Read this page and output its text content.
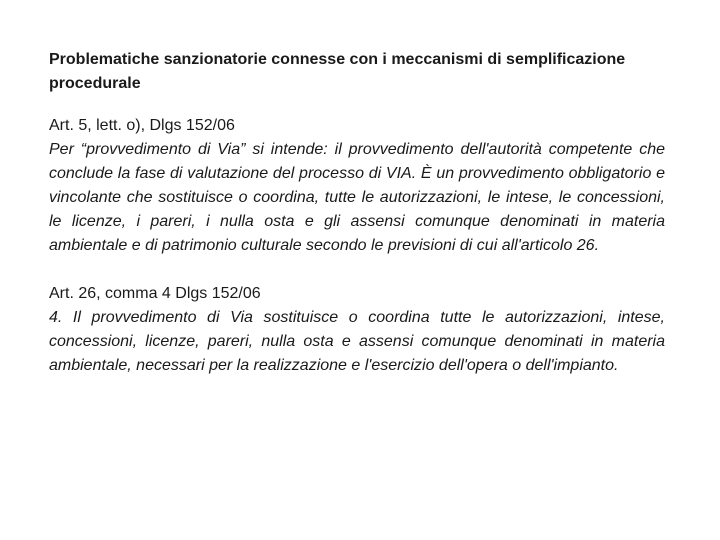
Problematiche sanzionatorie connesse con i meccanismi di semplificazione procedurale

Art. 5, lett. o), Dlgs 152/06

Per “provvedimento di Via” si intende: il provvedimento dell'autorità competente che conclude la fase di valutazione del processo di VIA. È un provvedimento obbligatorio e vincolante che sostituisce o coordina, tutte le autorizzazioni, le intese, le concessioni, le licenze, i pareri, i nulla osta e gli assensi comunque denominati in materia ambientale e di patrimonio culturale secondo le previsioni di cui all'articolo 26.

Art. 26, comma 4 Dlgs 152/06

4. Il provvedimento di Via sostituisce o coordina tutte le autorizzazioni, intese, concessioni, licenze, pareri, nulla osta e assensi comunque denominati in materia ambientale, necessari per la realizzazione e l'esercizio dell'opera o dell'impianto.
